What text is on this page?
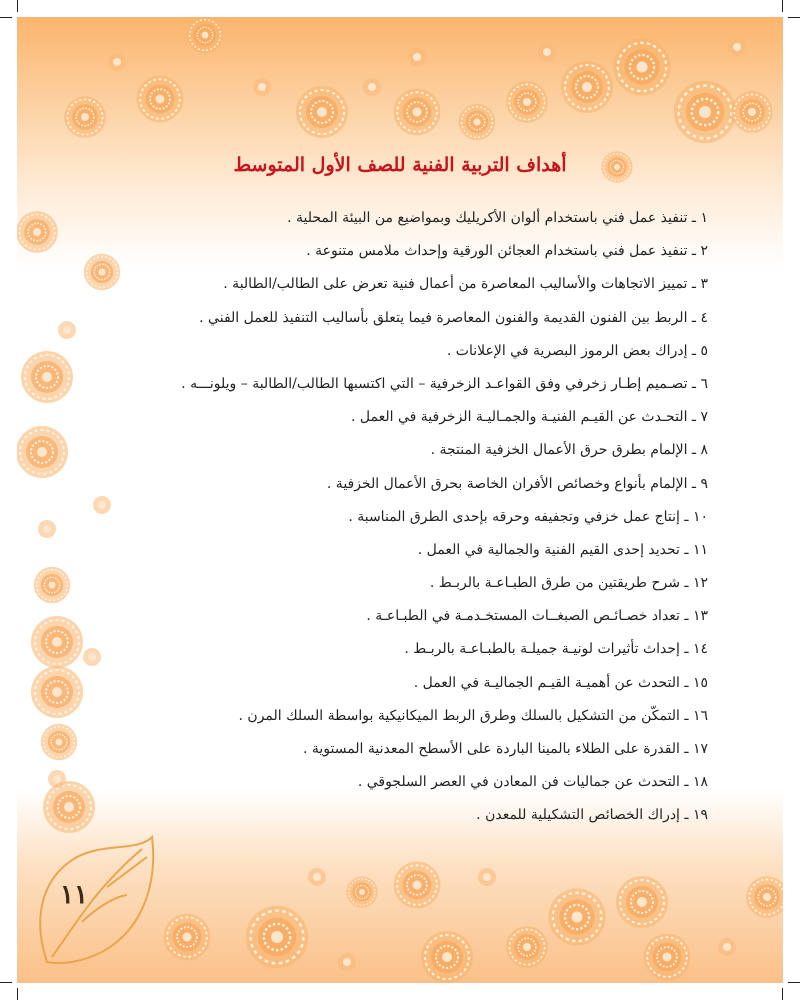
أهداف التربية الفنية للصف الأول المتوسط
١ ـ تنفيذ عمل فني باستخدام ألوان الأكريليك وبمواضيع من البيئة المحلية .
٢ ـ تنفيذ عمل فني باستخدام العجائن الورقية وإحداث ملامس متنوعة .
٣ ـ تمييز الاتجاهات والأساليب المعاصرة من أعمال فنية تعرض على الطالب/الطالبة .
٤ ـ الربط بين الفنون القديمة والفنون المعاصرة فيما يتعلق بأساليب التنفيذ للعمل الفني .
٥ ـ إدراك بعض الرموز البصرية في الإعلانات .
٦ ـ تصـميم إطـار زخرفي وفق القواعـد الزخرفية – التي اكتسبها الطالب/الطالبة – ويلونـــه .
٧ ـ التحـدث عن القيـم الفنيـة والجمـاليـة الزخرفية في العمل .
٨ ـ الإلمام بطرق حرق الأعمال الخزفية المنتجة .
٩ ـ الإلمام بأنواع وخصائص الأفران الخاصة بحرق الأعمال الخزفية .
١٠ ـ إنتاج عمل خزفي وتجفيفه وحرقه بإحدى الطرق المناسبة .
١١ ـ تحديد إحدى القيم الفنية والجمالية في العمل .
١٢ ـ شرح طريقتين من طرق الطبـاعـة بالربـط .
١٣ ـ تعداد خصـائـص الصبغــات المستخـدمـة في الطبـاعـة .
١٤ ـ إحداث تأثيرات لونيـة جميلـة بالطبـاعـة بالربـط .
١٥ ـ التحدث عن أهميـة القيـم الجماليـة في العمل .
١٦ ـ التمكّن من التشكيل بالسلك وطرق الربط الميكانيكية بواسطة السلك المرن .
١٧ ـ القدرة على الطلاء بالمينا الباردة على الأسطح المعدنية المستوية .
١٨ ـ التحدث عن جماليات فن المعادن في العصر السلجوقي .
١٩ ـ إدراك الخصائص التشكيلية للمعدن .
١١
